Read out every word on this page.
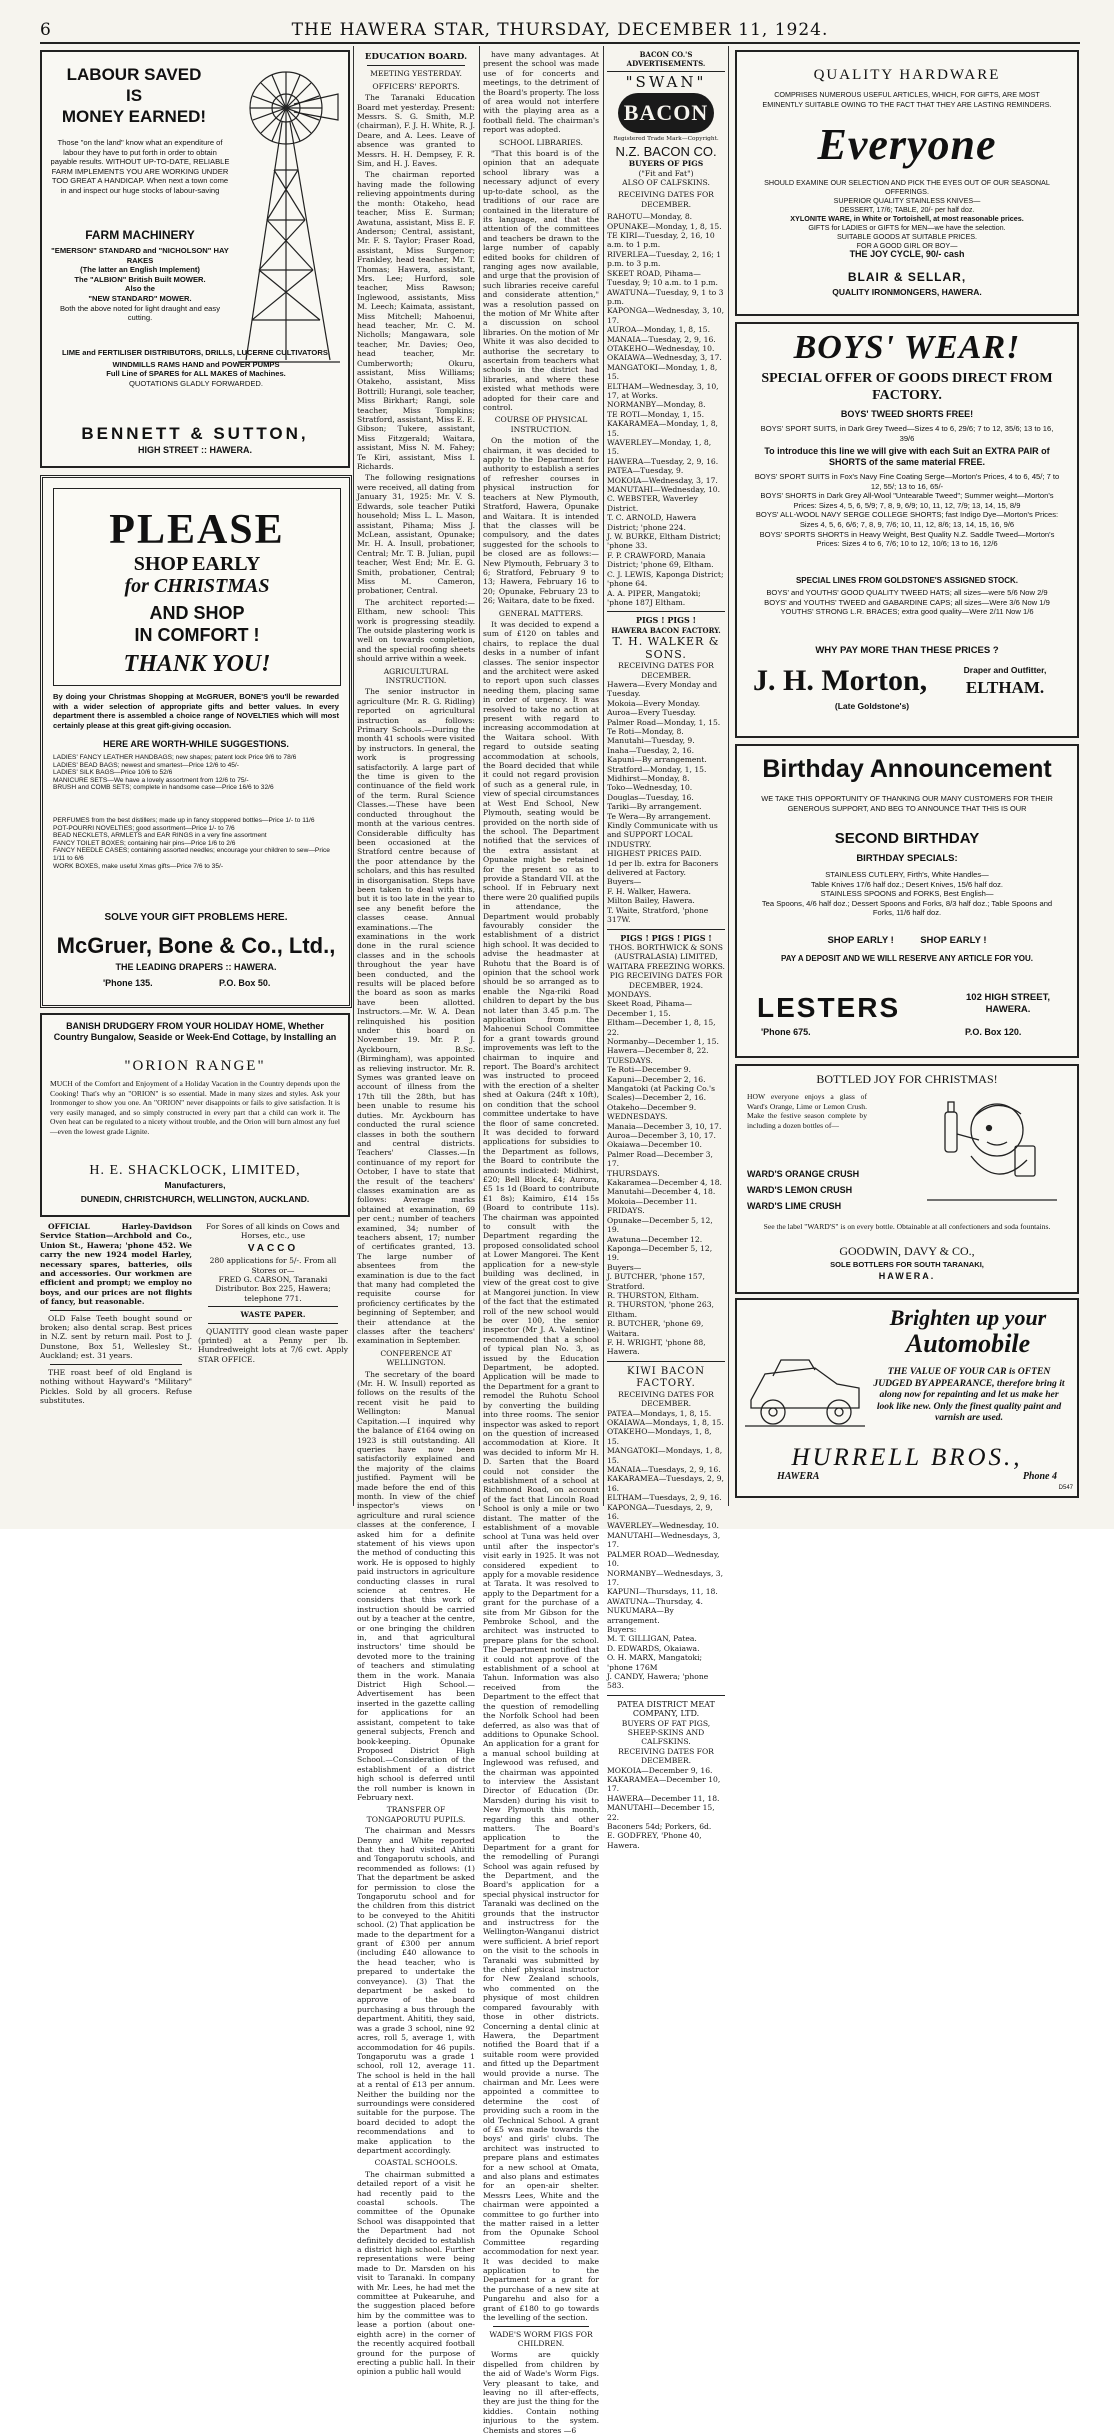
6	THE HAWERA STAR, THURSDAY, DECEMBER 11, 1924.
LABOUR SAVED
IS
MONEY EARNED!
Those "on the land" know what an expenditure of labour they have to put forth in order to obtain payable results. WITHOUT UP-TO-DATE, RELIABLE FARM IMPLEMENTS YOU ARE WORKING UNDER TOO GREAT A HANDICAP. When next a town come in and inspect our huge stocks of labour-saving
FARM MACHINERY
"EMERSON" STANDARD and "NICHOLSON" HAY RAKES
(The latter an English Implement)
The "ALBION" British Built MOWER.
Also the
"NEW STANDARD" MOWER.
Both the above noted for light draught and easy cutting.
LIME and FERTILISER DISTRIBUTORS, DRILLS, LUCERNE CULTIVATORS.
WINDMILLS RAMS HAND and POWER PUMPS
Full Line of SPARES for ALL MAKES of Machines.
QUOTATIONS GLADLY FORWARDED.
BENNETT & SUTTON,
HIGH STREET :: HAWERA.
PLEASE
SHOP EARLY
for CHRISTMAS
AND SHOP
IN COMFORT !
THANK YOU!
By doing your Christmas Shopping at McGRUER, BONE'S you'll be rewarded with a wider selection of appropriate gifts and better values. In every department there is assembled a choice range of NOVELTIES which will most certainly please at this great gift-giving occasion.
HERE ARE WORTH-WHILE SUGGESTIONS.
LADIES' FANCY LEATHER HANDBAGS; new shapes; patent lock Price 9/6 to 78/6
LADIES' BEAD BAGS; newest and smartest—Price 12/6 to 45/-
LADIES' SILK BAGS—Price 10/6 to 52/6
MANICURE SETS—We have a lovely assortment from 12/6 to 75/-
BRUSH and COMB SETS; complete in handsome case—Price 16/6 to 32/6
PERFUMES from the best distillers; made up in fancy stoppered bottles—Price 1/- to 11/6
POT-POURRI NOVELTIES; good assortment—Price 1/- to 7/6
BEAD NECKLETS, ARMLETS and EAR RINGS in a very fine assortment
FANCY TOILET BOXES; containing hair pins—Price 1/6 to 2/6
FANCY NEEDLE CASES; containing assorted needles; encourage your children to sew—Price 1/11 to 6/6
WORK BOXES, make useful Xmas gifts—Price 7/6 to 35/-
SOLVE YOUR GIFT PROBLEMS HERE.
McGruer, Bone & Co., Ltd.,
THE LEADING DRAPERS :: HAWERA.
'Phone 135.	P.O. Box 50.
BANISH DRUDGERY FROM YOUR HOLIDAY HOME, Whether Country Bungalow, Seaside or Week-End Cottage, by Installing an
"ORION RANGE"
MUCH of the Comfort and Enjoyment of a Holiday Vacation in the Country depends upon the Cooking! That's why an "ORION" is so essential. Made in many sizes and styles. Ask your Ironmonger to show you one. An "ORION" never disappoints or fails to give satisfaction. It is very easily managed, and so simply constructed in every part that a child can work it. The Oven heat can be regulated to a nicety without trouble, and the Orion will burn almost any fuel—even the lowest grade Lignite.
H. E. SHACKLOCK, LIMITED,
Manufacturers,
DUNEDIN, CHRISTCHURCH, WELLINGTON, AUCKLAND.

OFFICIAL Harley-Davidson Service Station—Archbold and Co., Union St., Hawera; 'phone 452. We carry the new 1924 model Harley, necessary spares, batteries, oils and accessories. Our workmen are efficient and prompt; we employ no boys, and our prices are not flights of fancy, but reasonable.

OLD False Teeth bought sound or broken; also dental scrap. Best prices in N.Z. sent by return mail. Post to J. Dunstone, Box 51, Wellesley St., Auckland; est. 31 years.

THE roast beef of old England is nothing without Hayward's "Military" Pickles. Sold by all grocers. Refuse substitutes.

For Sores of all kinds on Cows and Horses, etc., use
VACCO
280 applications for 5/-. From all Stores or—
FRED G. CARSON, Taranaki Distributor. Box 225, Hawera; telephone 771.
WASTE PAPER.

QUANTITY good clean waste paper (printed) at a Penny per lb. Hundredweight lots at 7/6 cwt. Apply STAR OFFICE.

EDUCATION BOARD.
MEETING YESTERDAY.
OFFICERS' REPORTS.

The Taranaki Education Board met yesterday. Present: Messrs. S. G. Smith, M.P. (chairman), F. J. H. White, R. J. Deare, and A. Lees. Leave of absence was granted to Messrs. H. H. Dempsey, F. R. Sim, and H. J. Eaves.

The chairman reported having made the following relieving appointments during the month: Otakeho, head teacher, Miss E. Surman; Awatuna, assistant, Miss E. F. Anderson; Central, assistant, Mr. F. S. Taylor; Fraser Road, assistant, Miss Surgenor; Frankley, head teacher, Mr. T. Thomas; Hawera, assistant, Mrs. Lee; Hurford, sole teacher, Miss Rawson; Inglewood, assistants, Miss M. Leech; Kaimata, assistant, Miss Mitchell; Mahoenui, head teacher, Mr. C. M. Nicholls; Mangawara, sole teacher, Mr. Davies; Oeo, head teacher, Mr. Cumberworth; Okuru, assistant, Miss Williams; Otakeho, assistant, Miss Bottrill; Hurangi, sole teacher, Miss Birkhart; Rangi, sole teacher, Miss Tompkins; Stratford, assistant, Miss E. E. Gibson; Tukere, assistant, Miss Fitzgerald; Waitara, assistant, Miss N. M. Fahey; Te Kiri, assistant, Miss I. Richards.

The following resignations were received, all dating from January 31, 1925: Mr. V. S. Edwards, sole teacher Putiki household; Miss L. L. Mason, assistant, Pihama; Miss J. McLean, assistant, Opunake; Mr. H. A. Insull, probationer, Central; Mr. T. B. Julian, pupil teacher, West End; Mr. E. G. Smith, probationer, Central; Miss M. Cameron, probationer, Central.

The architect reported:—Eltham, new school: This work is progressing steadily. The outside plastering work is well on towards completion, and the special roofing sheets should arrive within a week.

AGRICULTURAL INSTRUCTION.

The senior instructor in agriculture (Mr. R. G. Ridling) reported on agricultural instruction as follows: Primary Schools.—During the month 41 schools were visited by instructors. In general, the work is progressing satisfactorily. A large part of the time is given to the continuance of the field work of the term. Rural Science Classes.—These have been conducted throughout the month at the various centres. Considerable difficulty has been occasioned at the Stratford centre because of the poor attendance by the scholars, and this has resulted in disorganisation. Steps have been taken to deal with this, but it is too late in the year to see any benefit before the classes cease. Annual examinations.—The examinations in the work done in the rural science classes and in the schools throughout the year have been conducted, and the results will be placed before the board as soon as marks have been allotted. Instructors.—Mr. W. A. Dean relinquished his position under this board on November 19. Mr. P. J. Ayckbourn, B.Sc. (Birmingham), was appointed as relieving instructor. Mr. R. Symes was granted leave on account of illness from the 17th till the 28th, but has been unable to resume his duties. Mr. Ayckbourn has conducted the rural science classes in both the southern and central districts. Teachers' Classes.—In continuance of my report for October, I have to state that the result of the teachers' classes examination are as follows: Average marks obtained at examination, 69 per cent.; number of teachers examined, 34; number of teachers absent, 17; number of certificates granted, 13. The large number of absentees from the examination is due to the fact that many had completed the requisite course for proficiency certificates by the beginning of September, and their attendance at the classes after the teachers' examination in September.

CONFERENCE AT WELLINGTON.

The secretary of the board (Mr. H. W. Insull) reported as follows on the results of the recent visit he paid to Wellington: Manual Capitation.—I inquired why the balance of £164 owing on 1923 is still outstanding. All queries have now been satisfactorily explained and the majority of the claims justified. Payment will be made before the end of this month. In view of the chief inspector's views on agriculture and rural science classes at the conference, I asked him for a definite statement of his views upon the method of conducting this work. He is opposed to highly paid instructors in agriculture conducting classes in rural science at centres. He considers that this work of instruction should be carried out by a teacher at the centre, or one bringing the children in, and that agricultural instructors' time should be devoted more to the training of teachers and stimulating them in the work. Manaia District High School.—Advertisement has been inserted in the gazette calling for applications for an assistant, competent to take general subjects, French and book-keeping. Opunake Proposed District High School.—Consideration of the establishment of a district high school is deferred until the roll number is known in February next.

TRANSFER OF TONGAPORUTU PUPILS.

The chairman and Messrs Denny and White reported that they had visited Ahititi and Tongaporutu schools, and recommended as follows: (1) That the department be asked for permission to close the Tongaporutu school and for the children from this district to be conveyed to the Ahititi school. (2) That application be made to the department for a grant of £300 per annum (including £40 allowance to the head teacher, who is prepared to undertake the conveyance). (3) That the department be asked to approve of the board purchasing a bus through the department. Ahititi, they said, was a grade 3 school, nine 92 acres, roll 5, average 1, with accommodation for 46 pupils. Tongaporutu was a grade 1 school, roll 12, average 11. The school is held in the hall at a rental of £13 per annum. Neither the building nor the surroundings were considered suitable for the purpose. The board decided to adopt the recommendations and to make application to the department accordingly.

COASTAL SCHOOLS.

The chairman submitted a detailed report of a visit he had recently paid to the coastal schools. The committee of the Opunake School was disappointed that the Department had not definitely decided to establish a district high school. Further representations were being made to Dr. Marsden on his visit to Taranaki. In company with Mr. Lees, he had met the committee at Pukearuhe, and the suggestion placed before him by the committee was to lease a portion (about one-eighth acre) in the corner of the recently acquired football ground for the purpose of erecting a public hall. In their opinion a public hall would

have many advantages. At present the school was made use of for concerts and meetings, to the detriment of the Board's property. The loss of area would not interfere with the playing area as a football field. The chairman's report was adopted.

SCHOOL LIBRARIES.

"That this board is of the opinion that an adequate school library was a necessary adjunct of every up-to-date school, as the traditions of our race are contained in the literature of its language, and that the attention of the committees and teachers be drawn to the large number of capably edited books for children of ranging ages now available, and urge that the provision of such libraries receive careful and considerate attention," was a resolution passed on the motion of Mr White after a discussion on school libraries. On the motion of Mr White it was also decided to authorise the secretary to ascertain from teachers what schools in the district had libraries, and where these existed what methods were adopted for their care and control.

COURSE OF PHYSICAL INSTRUCTION.

On the motion of the chairman, it was decided to apply to the Department for authority to establish a series of refresher courses in physical instruction for teachers at New Plymouth, Stratford, Hawera, Opunake and Waitara. It is intended that the classes will be compulsory, and the dates suggested for the schools to be closed are as follows:—New Plymouth, February 3 to 6; Stratford, February 9 to 13; Hawera, February 16 to 20; Opunake, February 23 to 26; Waitara, date to be fixed.

GENERAL MATTERS.

It was decided to expend a sum of £120 on tables and chairs, to replace the dual desks in a number of infant classes. The senior inspector and the architect were asked to report upon such classes needing them, placing same in order of urgency. It was resolved to take no action at present with regard to increasing accommodation at the Waitara school. With regard to outside seating accommodation at schools, the Board decided that while it could not regard provision of such as a general rule, in view of special circumstances at West End School, New Plymouth, seating would be provided on the north side of the school. The Department notified that the services of the extra assistant at Opunake might be retained for the present so as to provide a Standard VII. at the school. If in February next there were 20 qualified pupils in attendance, the Department would probably favourably consider the establishment of a district high school. It was decided to advise the headmaster at Ruhotu that the Board is of opinion that the school work should be so arranged as to enable the Nga-riki Road children to depart by the bus not later than 3.45 p.m. The application from the Mahoenui School Committee for a grant towards ground improvements was left to the chairman to inquire and report. The Board's architect was instructed to proceed with the erection of a shelter shed at Oakura (24ft x 10ft), on condition that the school committee undertake to have the floor of same concreted. It was decided to forward applications for subsidies to the Department as follows, the Board to contribute the amounts indicated: Midhirst, £20; Bell Block, £4; Aurora, £5 1s 1d (Board to contribute £1 8s); Kaimiro, £14 15s (Board to contribute 11s). The chairman was appointed to consult with the Department regarding the proposed consolidated school at Lower Mangorei. The Kent application for a new-style building was declined, in view of the great cost to give at Mangorei junction. In view of the fact that the estimated roll of the new school would be over 100, the senior inspector (Mr J. A. Valentine) recommended that a school of typical plan No. 3, as issued by the Education Department, be adopted. Application will be made to the Department for a grant to remodel the Ruhotu School by converting the building into three rooms. The senior inspector was asked to report on the question of increased accommodation at Kiore. It was decided to inform Mr H. D. Sarten that the Board could not consider the establishment of a school at Richmond Road, on account of the fact that Lincoln Road School is only a mile or two distant. The matter of the establishment of a movable school at Tuna was held over until after the inspector's visit early in 1925. It was not considered expedient to apply for a movable residence at Tarata. It was resolved to apply to the Department for a grant for the purchase of a site from Mr Gibson for the Pembroke School, and the architect was instructed to prepare plans for the school. The Department notified that it could not approve of the establishment of a school at Tahun. Information was also received from the Department to the effect that the question of remodelling the Norfolk School had been deferred, as also was that of additions to Opunake School. An application for a grant for a manual school building at Inglewood was refused, and the chairman was appointed to interview the Assistant Director of Education (Dr. Marsden) during his visit to New Plymouth this month, regarding this and other matters. The Board's application to the Department for a grant for the remodelling of Purangi School was again refused by the Department, and the Board's application for a special physical instructor for Taranaki was declined on the grounds that the instructor and instructress for the Wellington-Wanganui district were sufficient. A brief report on the visit to the schools in Taranaki was submitted by the chief physical instructor for New Zealand schools, who commented on the physique of most children compared favourably with those in other districts. Concerning a dental clinic at Hawera, the Department notified the Board that if a suitable room were provided and fitted up the Department would provide a nurse. The chairman and Mr. Lees were appointed a committee to determine the cost of providing such a room in the old Technical School. A grant of £5 was made towards the boys' and girls' clubs. The architect was instructed to prepare plans and estimates for a new school at Omata, and also plans and estimates for an open-air shelter. Messrs Lees, White and the chairman were appointed a committee to go further into the matter raised in a letter from the Opunake School Committee regarding accommodation for next year. It was decided to make application to the Department for a grant for the purchase of a new site at Pungarehu and also for a grant of £180 to go towards the levelling of the section.

WADE'S WORM FIGS FOR CHILDREN.

Worms are quickly dispelled from children by the aid of Wade's Worm Figs. Very pleasant to take, and leaving no ill after-effects, they are just the thing for the kiddies. Contain nothing injurious to the system. Chemists and stores —6

BACON CO.'S ADVERTISEMENTS.
"SWAN"
BACON
Registered Trade Mark—Copyright.
N.Z. BACON CO.
BUYERS OF PIGS
("Fit and Fat")
ALSO OF CALFSKINS.
RECEIVING DATES FOR DECEMBER.
RAHOTU—Monday, 8.
OPUNAKE—Monday, 1, 8, 15.
TE KIRI—Tuesday, 2, 16, 10 a.m. to 1 p.m.
RIVERLEA—Tuesday, 2, 16; 1 p.m. to 3 p.m.
SKEET ROAD, Pihama—Tuesday, 9; 10 a.m. to 1 p.m.
AWATUNA—Tuesday, 9, 1 to 3 p.m.
KAPONGA—Wednesday, 3, 10, 17.
AUROA—Monday, 1, 8, 15.
MANAIA—Tuesday, 2, 9, 16.
OTAKEHO—Wednesday, 10.
OKAIAWA—Wednesday, 3, 17.
MANGATOKI—Monday, 1, 8, 15.
ELTHAM—Wednesday, 3, 10, 17, at Works.
NORMANBY—Monday, 8.
TE ROTI—Monday, 1, 15.
KAKARAMEA—Monday, 1, 8, 15.
WAVERLEY—Monday, 1, 8, 15.
HAWERA—Tuesday, 2, 9, 16.
PATEA—Tuesday, 9.
MOKOIA—Wednesday, 3, 17.
MANUTAHI—Wednesday, 10.
C. WEBSTER, Waverley District.
T. C. ARNOLD, Hawera District; 'phone 224.
J. W. BURKE, Eltham District; 'phone 33.
F. P. CRAWFORD, Manaia District; 'phone 69, Eltham.
C. J. LEWIS, Kaponga District; 'phone 64.
A. A. PIPER, Mangatoki; 'phone 187J Eltham.
PIGS ! PIGS !
HAWERA BACON FACTORY.
T. H. WALKER & SONS.
RECEIVING DATES FOR DECEMBER.
Hawera—Every Monday and Tuesday.
Mokoia—Every Monday.
Auroa—Every Tuesday.
Palmer Road—Monday, 1, 15.
Te Roti—Monday, 8.
Manutahi—Tuesday, 9.
Inaha—Tuesday, 2, 16.
Kapuni—By arrangement.
Stratford—Monday, 1, 15.
Midhirst—Monday, 8.
Toko—Wednesday, 10.
Douglas—Tuesday, 16.
Tariki—By arrangement.
Te Wera—By arrangement.
Kindly Communicate with us and SUPPORT LOCAL INDUSTRY.
HIGHEST PRICES PAID.
1d per lb. extra for Baconers delivered at Factory.
Buyers—
F. H. Walker, Hawera.
Milton Bailey, Hawera.
T. Waite, Stratford, 'phone 317W.
PIGS ! PIGS ! PIGS !
THOS. BORTHWICK & SONS (AUSTRALASIA) LIMITED, WAITARA FREEZING WORKS.
PIG RECEIVING DATES FOR DECEMBER, 1924.
MONDAYS.
Skeet Road, Pihama—December 1, 15.
Eltham—December 1, 8, 15, 22.
Normanby—December 1, 15.
Hawera—December 8, 22.
TUESDAYS.
Te Roti—December 9.
Kapuni—December 2, 16.
Mangatoki (at Packing Co.'s Scales)—December 2, 16.
Otakeho—December 9.
WEDNESDAYS.
Manaia—December 3, 10, 17.
Auroa—December 3, 10, 17.
Okaiawa—December 10.
Palmer Road—December 3, 17.
THURSDAYS.
Kakaramea—December 4, 18.
Manutahi—December 4, 18.
Mokoia—December 11.
FRIDAYS.
Opunake—December 5, 12, 19.
Awatuna—December 12.
Kaponga—December 5, 12, 19.
Buyers—
J. BUTCHER, 'phone 157, Stratford.
R. THURSTON, Eltham.
R. THURSTON, 'phone 263, Eltham.
R. BUTCHER, 'phone 69, Waitara.
F. H. WRIGHT, 'phone 88, Hawera.
KIWI BACON FACTORY.
RECEIVING DATES FOR DECEMBER.
PATEA—Mondays, 1, 8, 15.
OKAIAWA—Mondays, 1, 8, 15.
OTAKEHO—Mondays, 1, 8, 15.
MANGATOKI—Mondays, 1, 8, 15.
MANAIA—Tuesdays, 2, 9, 16.
KAKARAMEA—Tuesdays, 2, 9, 16.
ELTHAM—Tuesdays, 2, 9, 16.
KAPONGA—Tuesdays, 2, 9, 16.
WAVERLEY—Wednesday, 10.
MANUTAHI—Wednesdays, 3, 17.
PALMER ROAD—Wednesday, 10.
NORMANBY—Wednesdays, 3, 17.
KAPUNI—Thursdays, 11, 18.
AWATUNA—Thursday, 4.
NUKUMARA—By arrangement.
Buyers:
M. T. GILLIGAN, Patea.
D. EDWARDS, Okaiawa.
O. H. MARX, Mangatoki; 'phone 176M
J. CANDY, Hawera; 'phone 583.
PATEA DISTRICT MEAT COMPANY, LTD.
BUYERS OF FAT PIGS, SHEEP-SKINS AND CALFSKINS.
RECEIVING DATES FOR DECEMBER.
MOKOIA—December 9, 16.
KAKARAMEA—December 10, 17.
HAWERA—December 11, 18.
MANUTAHI—December 15, 22.
Baconers 54d; Porkers, 6d.
E. GODFREY, 'Phone 40, Hawera.
QUALITY HARDWARE
COMPRISES NUMEROUS USEFUL ARTICLES, WHICH, FOR GIFTS, ARE MOST EMINENTLY SUITABLE OWING TO THE FACT THAT THEY ARE LASTING REMINDERS.
Everyone
SHOULD EXAMINE OUR SELECTION AND PICK THE EYES OUT OF OUR SEASONAL OFFERINGS.
SUPERIOR QUALITY STAINLESS KNIVES—
DESSERT, 17/6; TABLE, 20/- per half doz.
XYLONITE WARE, in White or Tortoishell, at most reasonable prices.
GIFTS for LADIES or GIFTS for MEN—we have the selection.
SUITABLE GOODS AT SUITABLE PRICES.
FOR A GOOD GIRL OR BOY—
THE JOY CYCLE, 90/- cash
BLAIR & SELLAR,
QUALITY IRONMONGERS, HAWERA.
BOYS' WEAR!
SPECIAL OFFER OF GOODS DIRECT FROM FACTORY.
BOYS' TWEED SHORTS FREE!
BOYS' SPORT SUITS, in Dark Grey Tweed—Sizes 4 to 6, 29/6; 7 to 12, 35/6; 13 to 16, 39/6
To introduce this line we will give with each Suit an EXTRA PAIR of SHORTS of the same material FREE.
BOYS' SPORT SUITS in Fox's Navy Fine Coating Serge—Morton's Prices, 4 to 6, 45/; 7 to 12, 55/; 13 to 16, 65/-
BOYS' SHORTS in Dark Grey All-Wool "Untearable Tweed"; Summer weight—Morton's Prices: Sizes 4, 5, 6, 5/9; 7, 8, 9, 6/9; 10, 11, 12, 7/9; 13, 14, 15, 8/9
BOYS' ALL-WOOL NAVY SERGE COLLEGE SHORTS; fast Indigo Dye—Morton's Prices: Sizes 4, 5, 6, 6/6; 7, 8, 9, 7/6; 10, 11, 12, 8/6; 13, 14, 15, 16, 9/6
BOYS' SPORTS SHORTS in Heavy Weight, Best Quality N.Z. Saddle Tweed—Morton's Prices: Sizes 4 to 6, 7/6; 10 to 12, 10/6; 13 to 16, 12/6
SPECIAL LINES FROM GOLDSTONE'S ASSIGNED STOCK.
BOYS' and YOUTHS' GOOD QUALITY TWEED HATS; all sizes—were 5/6 Now 2/9
BOYS' and YOUTHS' TWEED and GABARDINE CAPS; all sizes—Were 3/6 Now 1/9
YOUTHS' STRONG L.R. BRACES; extra good quality—Were 2/11 Now 1/6
WHY PAY MORE THAN THESE PRICES ?
J. H. Morton,	Draper and Outfitter,
ELTHAM.
(Late Goldstone's)
Birthday Announcement
WE TAKE THIS OPPORTUNITY OF THANKING OUR MANY CUSTOMERS FOR THEIR GENEROUS SUPPORT, AND BEG TO ANNOUNCE THAT THIS IS OUR
SECOND BIRTHDAY
BIRTHDAY SPECIALS:
STAINLESS CUTLERY, Firth's, White Handles—
Table Knives 17/6 half doz.; Desert Knives, 15/6 half doz.
STAINLESS SPOONS and FORKS, Best English—
Tea Spoons, 4/6 half doz.; Dessert Spoons and Forks, 8/3 half doz.; Table Spoons and Forks, 11/6 half doz.
SHOP EARLY !          SHOP EARLY !
PAY A DEPOSIT AND WE WILL RESERVE ANY ARTICLE FOR YOU.
LESTERS	102 HIGH STREET, HAWERA.
'Phone 675.	P.O. Box 120.
BOTTLED JOY FOR CHRISTMAS!
HOW everyone enjoys a glass of Ward's Orange, Lime or Lemon Crush. Make the festive season complete by including a dozen bottles of—
WARD'S ORANGE CRUSH
WARD'S LEMON CRUSH
WARD'S LIME CRUSH
See the label "WARD'S" is on every bottle. Obtainable at all confectioners and soda fountains.
GOODWIN, DAVY & CO.,
SOLE BOTTLERS FOR SOUTH TARANAKI,
HAWERA.
Brighten up your
Automobile
THE VALUE OF YOUR CAR is OFTEN JUDGED BY APPEARANCE, therefore bring it along now for repainting and let us make her look like new. Only the finest quality paint and varnish are used.
HURRELL BROS.,
HAWERA	Phone 4
D547
